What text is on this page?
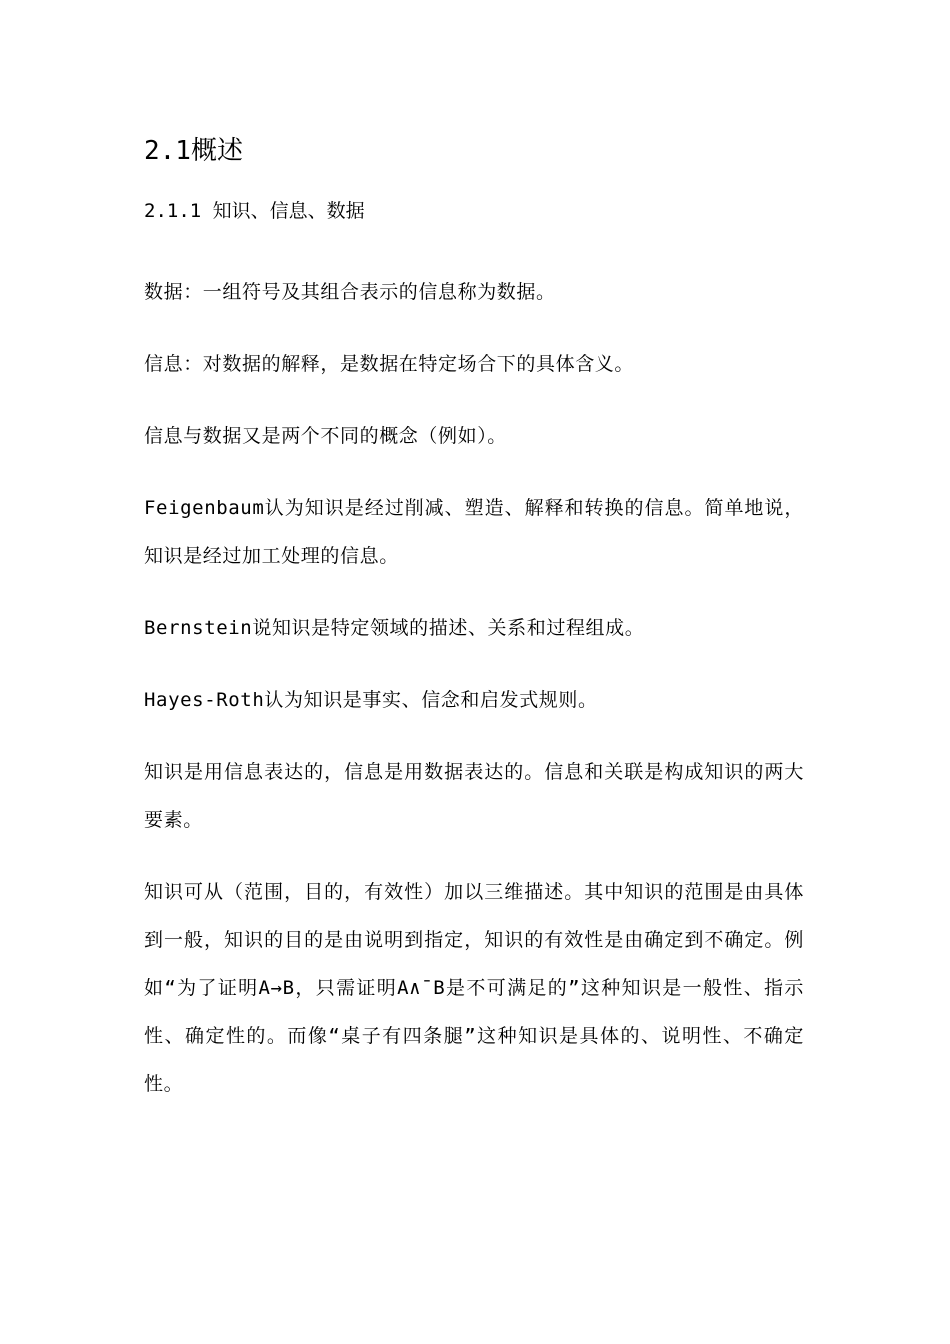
2.1概述
2.1.1 知识、信息、数据

数据：一组符号及其组合表示的信息称为数据。

信息：对数据的解释，是数据在特定场合下的具体含义。

信息与数据又是两个不同的概念（例如）。

Feigenbaum认为知识是经过削减、塑造、解释和转换的信息。简单地说，知识是经过加工处理的信息。

Bernstein说知识是特定领域的描述、关系和过程组成。

Hayes-Roth认为知识是事实、信念和启发式规则。

知识是用信息表达的，信息是用数据表达的。信息和关联是构成知识的两大要素。

知识可从（范围，目的，有效性）加以三维描述。其中知识的范围是由具体到一般，知识的目的是由说明到指定，知识的有效性是由确定到不确定。例如“为了证明A→B，只需证明A∧¯B是不可满足的”这种知识是一般性、指示性、确定性的。而像“桌子有四条腿”这种知识是具体的、说明性、不确定性。
